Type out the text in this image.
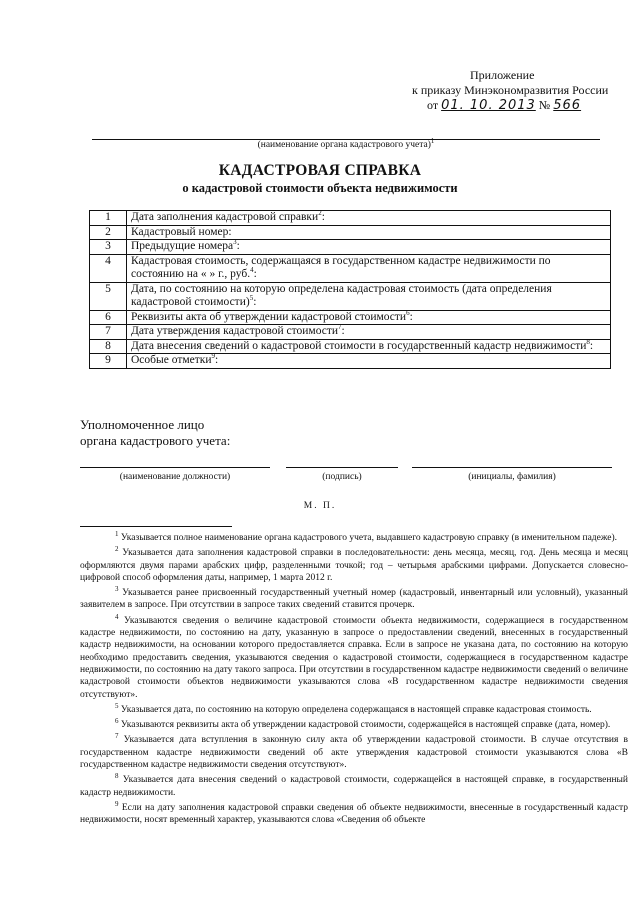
Приложение
к приказу Минэкономразвития России
от 01. 10. 2013 № 566
(наименование органа кадастрового учета)$^1$
КАДАСТРОВАЯ СПРАВКА
о кадастровой стоимости объекта недвижимости
1	Дата заполнения кадастровой справки$^2$:
2	Кадастровый номер:
3	Предыдущие номера$^3$:
4	Кадастровая стоимость, содержащаяся в государственном кадастре недвижимости по состоянию на « » г., руб.$^4$:
5	Дата, по состоянию на которую определена кадастровая стоимость (дата определения кадастровой стоимости)$^5$:
6	Реквизиты акта об утверждении кадастровой стоимости$^6$:
7	Дата утверждения кадастровой стоимости$^7$:
8	Дата внесения сведений о кадастровой стоимости в государственный кадастр недвижимости$^8$:
9	Особые отметки$^9$:
Уполномоченное лицо
органа кадастрового учета:
(наименование должности)	(подпись)	(инициалы, фамилия)
М. П.

$^1$ Указывается полное наименование органа кадастрового учета, выдавшего кадастровую справку (в именительном падеже).

$^2$ Указывается дата заполнения кадастровой справки в последовательности: день месяца, месяц, год. День месяца и месяц оформляются двумя парами арабских цифр, разделенными точкой; год – четырьмя арабскими цифрами. Допускается словесно-цифровой способ оформления даты, например, 1 марта 2012 г.

$^3$ Указывается ранее присвоенный государственный учетный номер (кадастровый, инвентарный или условный), указанный заявителем в запросе. При отсутствии в запросе таких сведений ставится прочерк.

$^4$ Указываются сведения о величине кадастровой стоимости объекта недвижимости, содержащиеся в государственном кадастре недвижимости, по состоянию на дату, указанную в запросе о предоставлении сведений, внесенных в государственный кадастр недвижимости, на основании которого предоставляется справка. Если в запросе не указана дата, по состоянию на которую необходимо предоставить сведения, указываются сведения о кадастровой стоимости, содержащиеся в государственном кадастре недвижимости, по состоянию на дату такого запроса. При отсутствии в государственном кадастре недвижимости сведений о величине кадастровой стоимости объектов недвижимости указываются слова «В государственном кадастре недвижимости сведения отсутствуют».

$^5$ Указывается дата, по состоянию на которую определена содержащаяся в настоящей справке кадастровая стоимость.

$^6$ Указываются реквизиты акта об утверждении кадастровой стоимости, содержащейся в настоящей справке (дата, номер).

$^7$ Указывается дата вступления в законную силу акта об утверждении кадастровой стоимости. В случае отсутствия в государственном кадастре недвижимости сведений об акте утверждения кадастровой стоимости указываются слова «В государственном кадастре недвижимости сведения отсутствуют».

$^8$ Указывается дата внесения сведений о кадастровой стоимости, содержащейся в настоящей справке, в государственный кадастр недвижимости.

$^9$ Если на дату заполнения кадастровой справки сведения об объекте недвижимости, внесенные в государственный кадастр недвижимости, носят временный характер, указываются слова «Сведения об объекте
